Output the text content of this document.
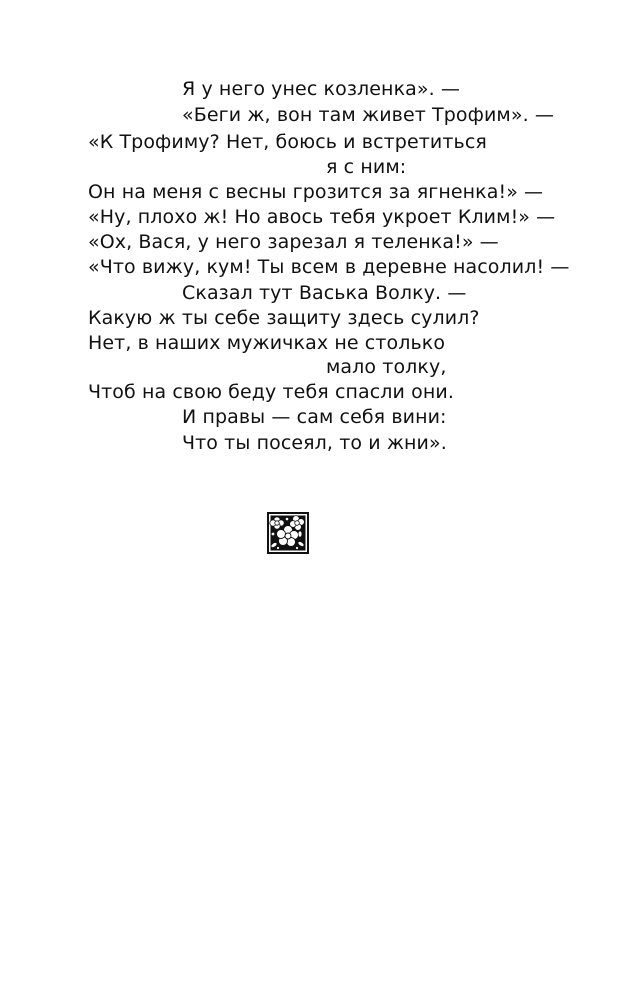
Я у него унес козленка». —
«Беги ж, вон там живет Трофим». —
«К Трофиму? Нет, боюсь и встретиться
я с ним:
Он на меня с весны грозится за ягненка!» —
«Ну, плохо ж! Но авось тебя укроет Клим!» —
«Ох, Вася, у него зарезал я теленка!» —
«Что вижу, кум! Ты всем в деревне насолил! —
Сказал тут Васька Волку. —
Какую ж ты себе защиту здесь сулил?
Нет, в наших мужичках не столько
мало толку,
Чтоб на свою беду тебя спасли они.
И правы — сам себя вини:
Что ты посеял, то и жни».
